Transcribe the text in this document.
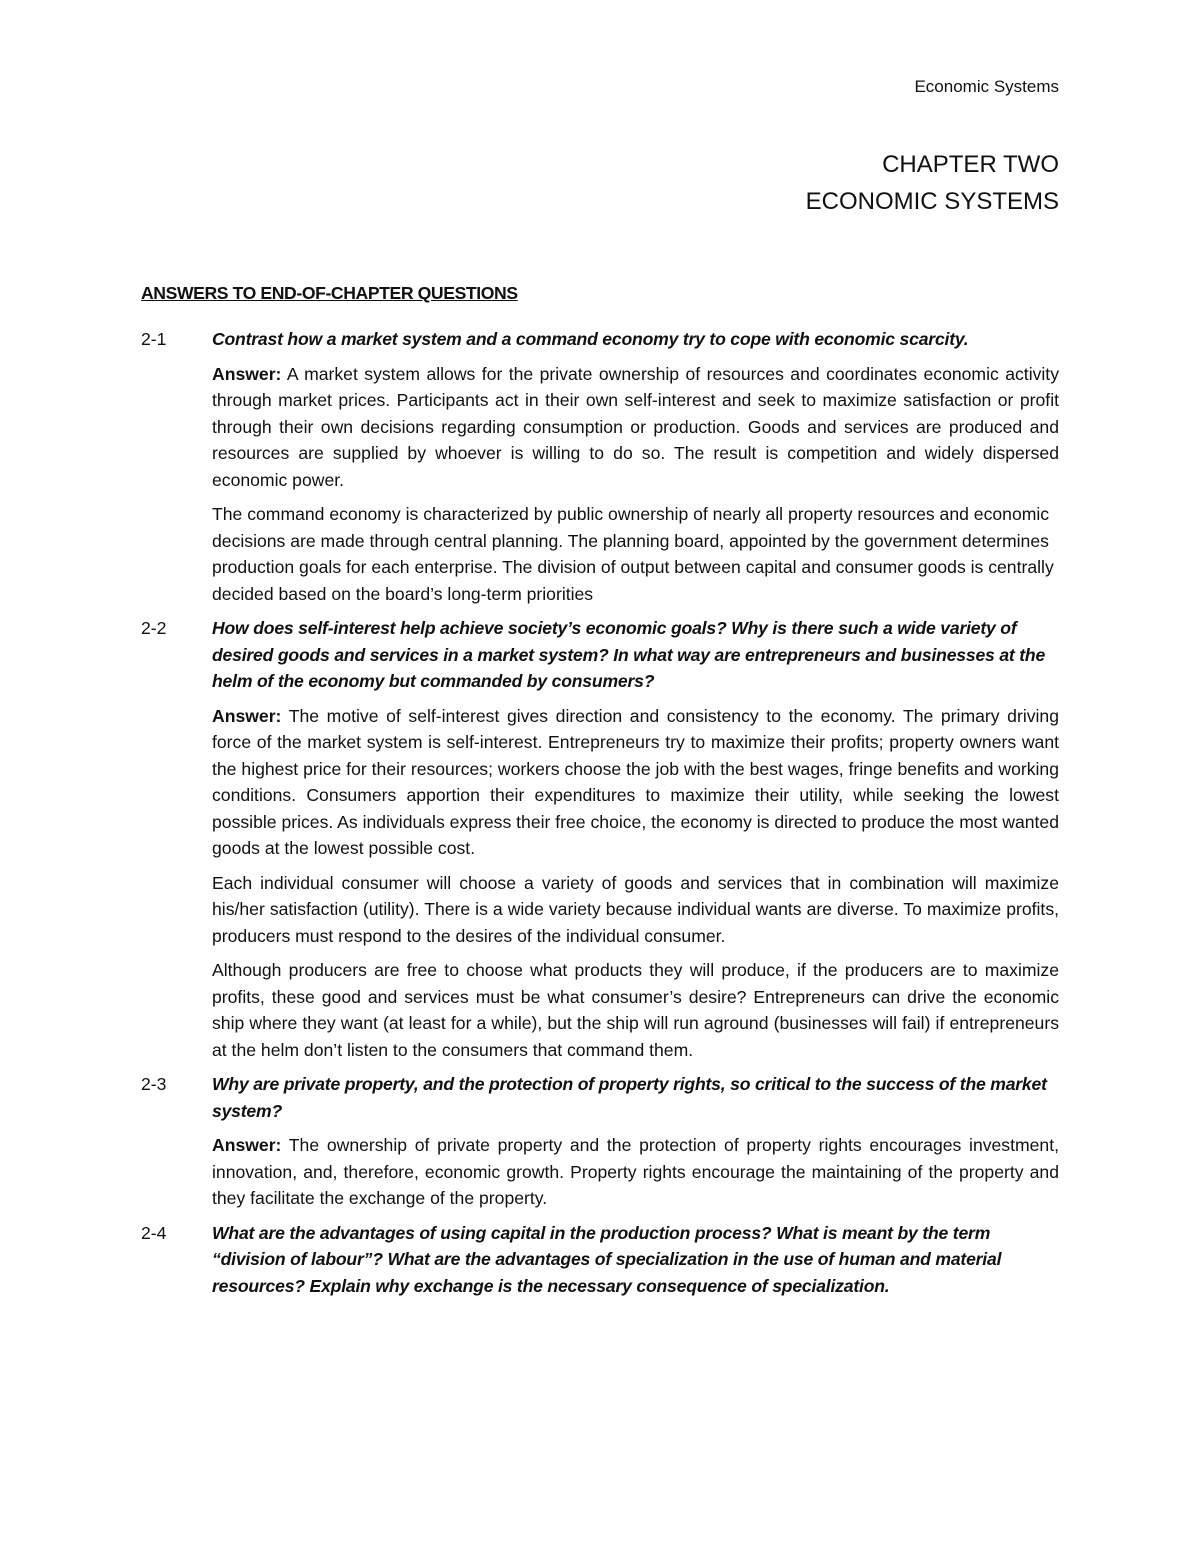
Economic Systems
CHAPTER TWO
ECONOMIC SYSTEMS
ANSWERS TO END-OF-CHAPTER QUESTIONS
2-1	Contrast how a market system and a command economy try to cope with economic scarcity.

Answer: A market system allows for the private ownership of resources and coordinates economic activity through market prices. Participants act in their own self-interest and seek to maximize satisfaction or profit through their own decisions regarding consumption or production. Goods and services are produced and resources are supplied by whoever is willing to do so. The result is competition and widely dispersed economic power.

The command economy is characterized by public ownership of nearly all property resources and economic decisions are made through central planning. The planning board, appointed by the government determines production goals for each enterprise. The division of output between capital and consumer goods is centrally decided based on the board’s long-term priorities

2-2	How does self-interest help achieve society’s economic goals? Why is there such a wide variety of desired goods and services in a market system? In what way are entrepreneurs and businesses at the helm of the economy but commanded by consumers?

Answer: The motive of self-interest gives direction and consistency to the economy. The primary driving force of the market system is self-interest. Entrepreneurs try to maximize their profits; property owners want the highest price for their resources; workers choose the job with the best wages, fringe benefits and working conditions. Consumers apportion their expenditures to maximize their utility, while seeking the lowest possible prices. As individuals express their free choice, the economy is directed to produce the most wanted goods at the lowest possible cost.

Each individual consumer will choose a variety of goods and services that in combination will maximize his/her satisfaction (utility). There is a wide variety because individual wants are diverse. To maximize profits, producers must respond to the desires of the individual consumer.

Although producers are free to choose what products they will produce, if the producers are to maximize profits, these good and services must be what consumer’s desire? Entrepreneurs can drive the economic ship where they want (at least for a while), but the ship will run aground (businesses will fail) if entrepreneurs at the helm don’t listen to the consumers that command them.

2-3	Why are private property, and the protection of property rights, so critical to the success of the market system?

Answer: The ownership of private property and the protection of property rights encourages investment, innovation, and, therefore, economic growth. Property rights encourage the maintaining of the property and they facilitate the exchange of the property.

2-4	What are the advantages of using capital in the production process? What is meant by the term “division of labour”? What are the advantages of specialization in the use of human and material resources? Explain why exchange is the necessary consequence of specialization.
